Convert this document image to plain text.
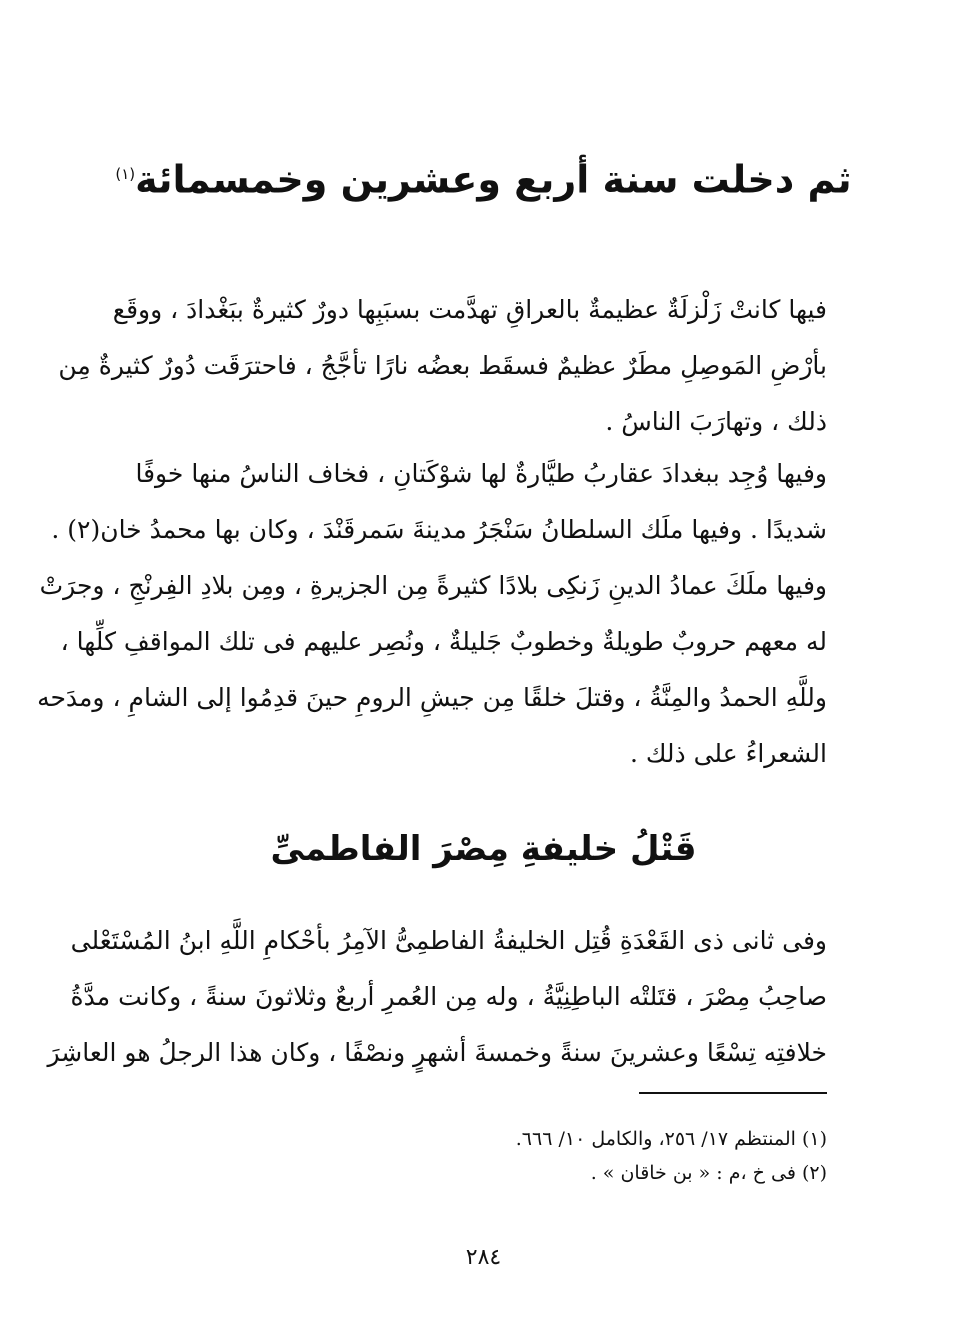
ثم دخلت سنة أربع وعشرين وخمسمائة$^{(١)}$
فيها كانتْ زَلْزلَةٌ عظيمةٌ بالعراقِ تهدَّمت بسبَبِها دورٌ كثيرةٌ ببَغْدادَ ، ووقَع
بأرْضِ المَوصِلِ مطَرٌ عظيمٌ فسقَط بعضُه نارًا تأجَّجُ ، فاحترَقَت دُورٌ كثيرةٌ مِن
ذلك ، وتهارَبَ الناسُ .
وفيها وُجِد ببغدادَ عقاربُ طيَّارةٌ لها شوْكَتانِ ، فخاف الناسُ منها خوفًا
شديدًا . وفيها ملَك السلطانُ سَنْجَرُ مدينةَ سَمرقَنْدَ ، وكان بها محمدُ خان(٢) .
وفيها ملَكَ عمادُ الدينِ زَنكِى بلادًا كثيرةً مِن الجزيرةِ ، ومِن بلادِ الفِرنْجِ ، وجرَتْ
له معهم حروبٌ طويلةٌ وخطوبٌ جَليلةٌ ، ونُصِر عليهم فى تلك المواقفِ كلِّها ،
وللَّهِ الحمدُ والمِنَّةُ ، وقتلَ خلقًا مِن جيشِ الرومِ حينَ قدِمُوا إلى الشامِ ، ومدَحه
الشعراءُ على ذلك .
قَتْلُ خليفةِ مِصْرَ الفاطمىِّ
وفى ثانى ذى القَعْدَةِ قُتِل الخليفةُ الفاطمِىُّ الآمِرُ بأحْكامِ اللَّهِ ابنُ المُسْتَعْلى
صاحِبُ مِصْرَ ، قتَلتْه الباطِنِيَّةُ ، وله مِن العُمرِ أربعٌ وثلاثونَ سنةً ، وكانت مدَّةُ
خلافتِه تِسْعًا وعشرينَ سنةً وخمسةَ أشهرٍ ونصْفًا ، وكان هذا الرجلُ هو العاشِرَ
(١) المنتظم ١٧/ ٢٥٦، والكامل ١٠/ ٦٦٦.
(٢) فى خ ،م : « بن خاقان » .
٢٨٤
